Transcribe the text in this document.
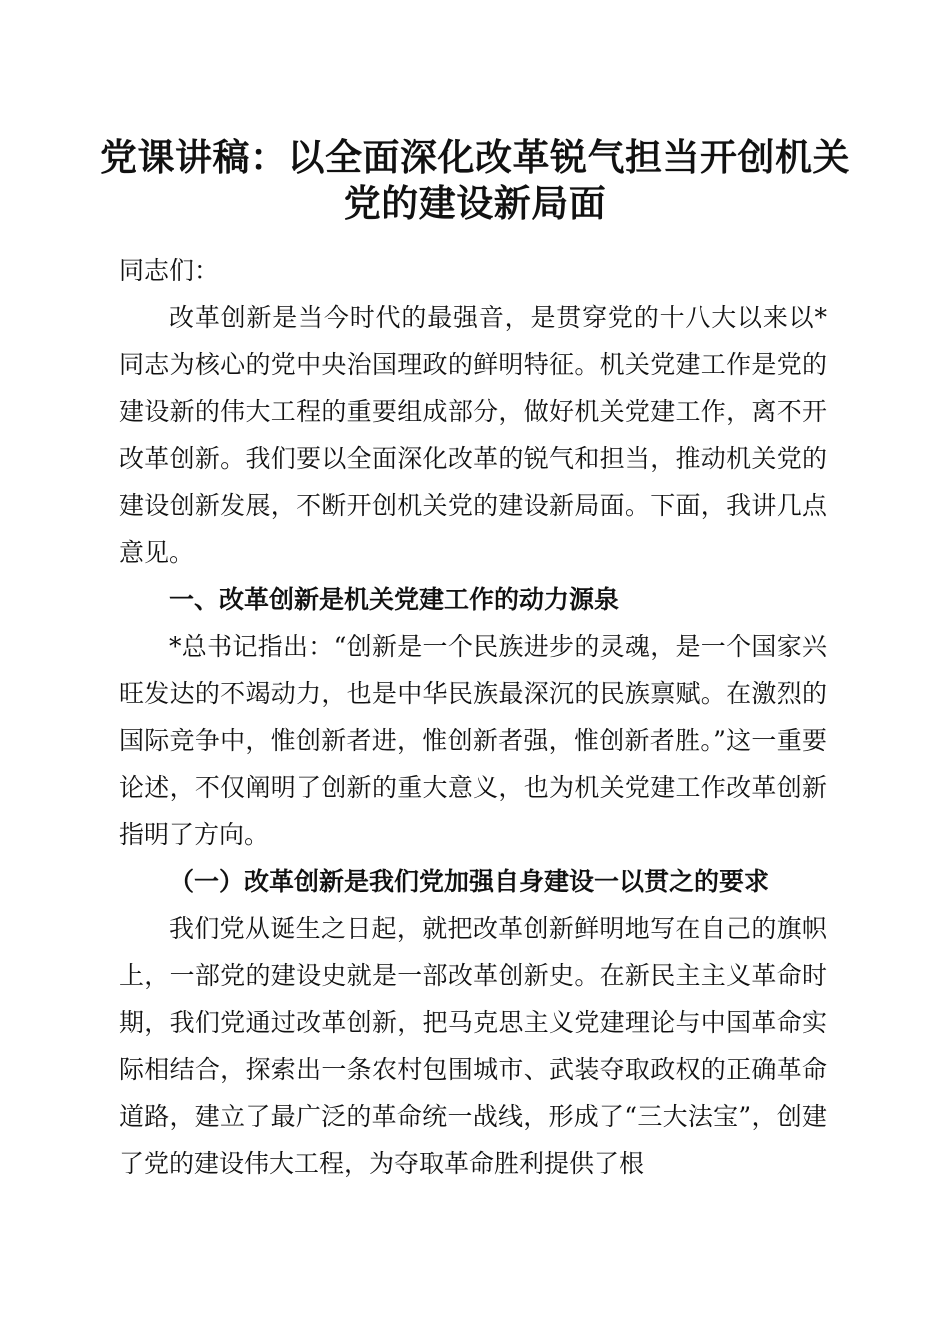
党课讲稿：以全面深化改革锐气担当开创机关
党的建设新局面

同志们：

改革创新是当今时代的最强音，是贯穿党的十八大以来以*同志为核心的党中央治国理政的鲜明特征。机关党建工作是党的建设新的伟大工程的重要组成部分，做好机关党建工作，离不开改革创新。我们要以全面深化改革的锐气和担当，推动机关党的建设创新发展，不断开创机关党的建设新局面。下面，我讲几点意见。

一、改革创新是机关党建工作的动力源泉

*总书记指出：“创新是一个民族进步的灵魂，是一个国家兴旺发达的不竭动力，也是中华民族最深沉的民族禀赋。在激烈的国际竞争中，惟创新者进，惟创新者强，惟创新者胜。”这一重要论述，不仅阐明了创新的重大意义，也为机关党建工作改革创新指明了方向。

（一）改革创新是我们党加强自身建设一以贯之的要求

我们党从诞生之日起，就把改革创新鲜明地写在自己的旗帜上，一部党的建设史就是一部改革创新史。在新民主主义革命时期，我们党通过改革创新，把马克思主义党建理论与中国革命实际相结合，探索出一条农村包围城市、武装夺取政权的正确革命道路，建立了最广泛的革命统一战线，形成了“三大法宝”，创建了党的建设伟大工程，为夺取革命胜利提供了根
